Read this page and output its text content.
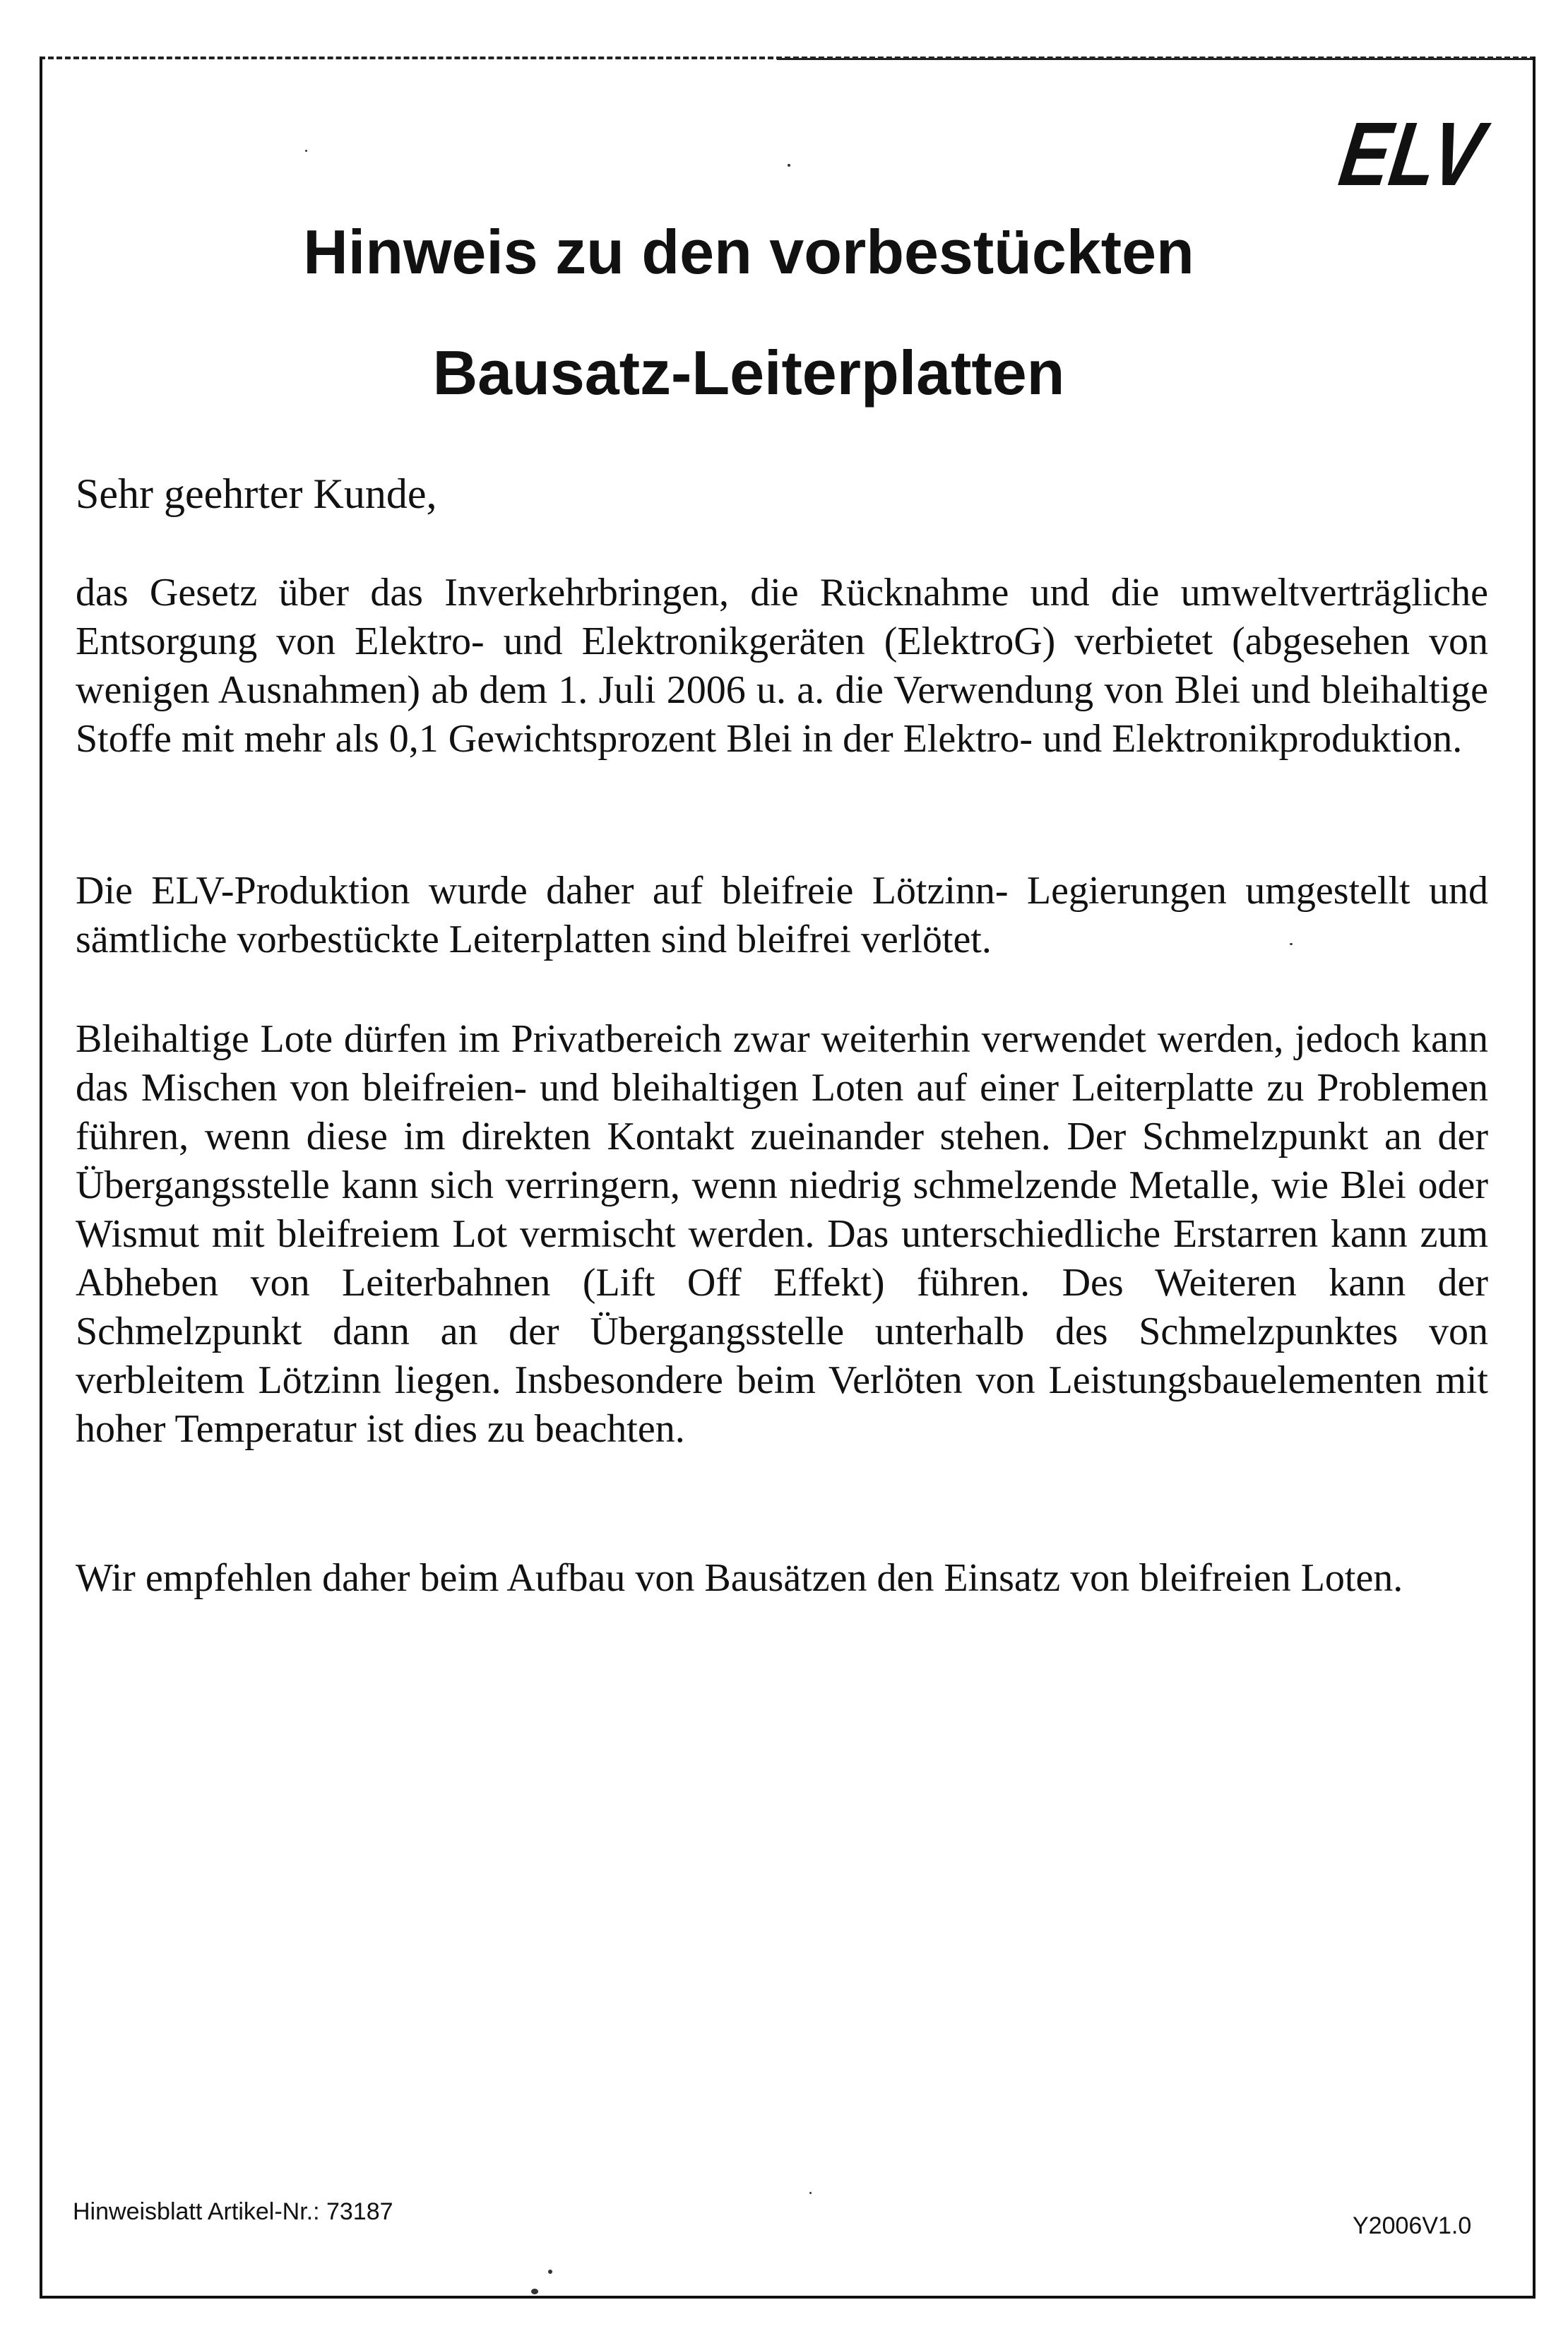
ELV
Hinweis zu den vorbestückten
Bausatz-Leiterplatten

Sehr geehrter Kunde,

das Gesetz über das Inverkehrbringen, die Rücknahme und die umweltverträgliche Entsorgung von Elektro- und Elektronikgeräten (ElektroG) verbietet (abgesehen von wenigen Ausnahmen) ab dem 1. Juli 2006 u. a. die Verwendung von Blei und bleihaltige Stoffe mit mehr als 0,1 Gewichtsprozent Blei in der Elektro- und Elektronikproduktion.

Die ELV-Produktion wurde daher auf bleifreie Lötzinn- Legierungen umgestellt und sämtliche vorbestückte Leiterplatten sind bleifrei verlötet.

Bleihaltige Lote dürfen im Privatbereich zwar weiterhin verwendet werden, jedoch kann das Mischen von bleifreien- und bleihaltigen Loten auf einer Leiterplatte zu Problemen führen, wenn diese im direkten Kontakt zueinander stehen. Der Schmelzpunkt an der Übergangsstelle kann sich verringern, wenn niedrig schmelzende Metalle, wie Blei oder Wismut mit bleifreiem Lot vermischt werden. Das unterschiedliche Erstarren kann zum Abheben von Leiterbahnen (Lift Off Effekt) führen. Des Weiteren kann der Schmelzpunkt dann an der Übergangsstelle unterhalb des Schmelzpunktes von verbleitem Lötzinn liegen. Insbesondere beim Verlöten von Leistungsbauelementen mit hoher Temperatur ist dies zu beachten.

Wir empfehlen daher beim Aufbau von Bausätzen den Einsatz von bleifreien Loten.

Hinweisblatt Artikel-Nr.: 73187

Y2006V1.0
